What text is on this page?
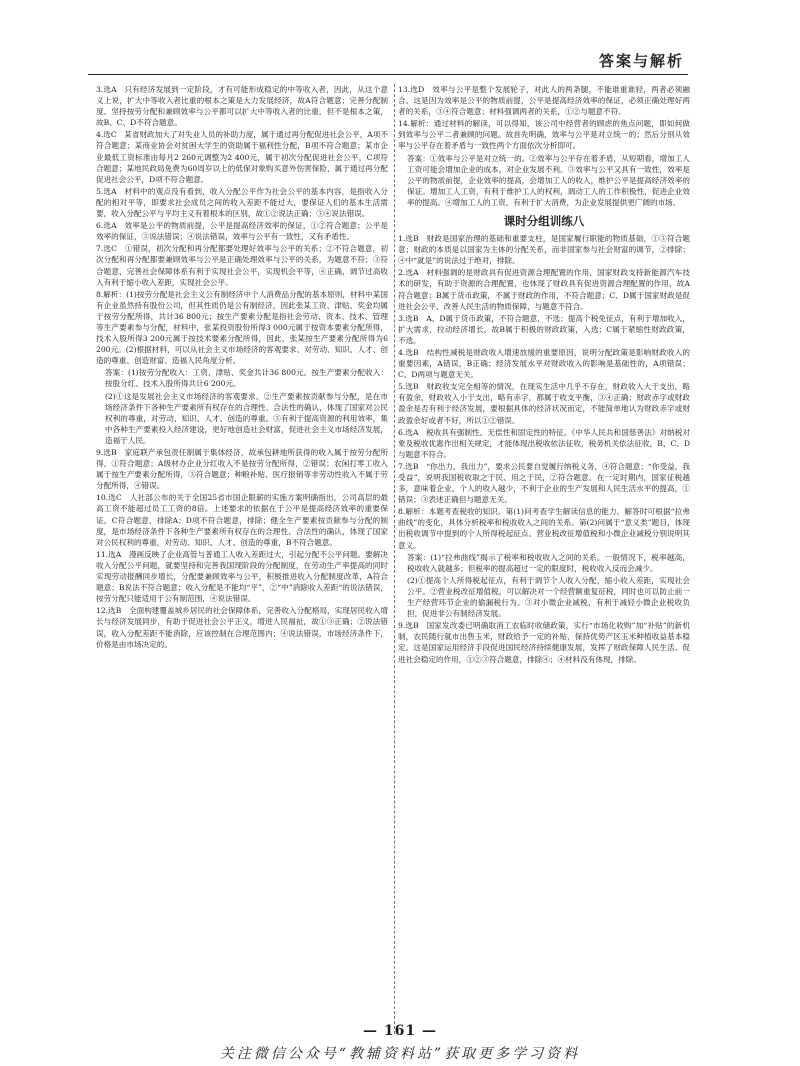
答案与解析

3.选A　只有经济发展到一定阶段，才有可能形成稳定的中等收入者，因此，从这个意义上说，扩大中等收入者比重的根本之策是大力发展经济，故A符合题意；完善分配制度、坚持按劳分配和兼顾效率与公平都可以扩大中等收入者的比重，但不是根本之策，故B、C、D不符合题意。

4.选C　某省财政加大了对失业人员的补助力度，属于通过再分配促进社会公平，A项不符合题意；某商业协会对贫困大学生的资助属于福利性分配，B项不符合题意；某市企业最低工资标准由每月2 260元调整为2 400元，属于初次分配促进社会公平，C项符合题意；某地民政局免费为60周岁以上的低保对象购买意外伤害保险，属于通过再分配促进社会公平，D项不符合题意。

5.选A　材料中的观点没有看到，收入分配公平作为社会公平的基本内容，是指收入分配的相对平等，即要求社会成员之间的收入差距不能过大，要保证人们的基本生活需要，收入分配公平与平均主义有着根本的区别，故①②说法正确；③④说法错误。

6.选A　效率是公平的物质前提，公平是提高经济效率的保证，①②符合题意；公平是效率的保证，③说法错误；④说法错误，效率与公平有一致性，又有矛盾性。

7.选C　①错误，初次分配和再分配都要处理好效率与公平的关系；②不符合题意，初次分配和再分配都要兼顾效率与公平是正确处理效率与公平的关系，为题意不符；③符合题意，完善社会保障体系有利于实现社会公平，实现机会平等，④正确，调节过高收入有利于缩小收入差距，实现社会公平。

8.解析：(1)按劳分配是社会主义公有制经济中个人消费品分配的基本原则，材料中某国有企业虽然持有股份公司，但其性质仍是公有制经济，因此张某工资、津贴、奖金均属于按劳分配所得，共计36 800元；按生产要素分配是指社会劳动、资本、技术、管理等生产要素参与分配，材料中，张某投资股份所得3 000元属于按资本要素分配所得，技术入股所得3 200元属于按技术要素分配所得，因此，张某按生产要素分配所得为6 200元。(2)根据材料，可以从社会主义市场经济的客观要求、对劳动、知识、人才、创造的尊重、创造财富、造福人民角度分析。

答案：(1)按劳分配收入：工资、津贴、奖金共计36 800元。按生产要素分配收入：按股分红、技术入股所得共计6 200元。

(2)①这是发展社会主义市场经济的客观要求。②生产要素按贡献参与分配，是在市场经济条件下各种生产要素所有权存在的合理性、合法性的确认，体现了国家对公民权利的尊重，对劳动、知识、人才、创造的尊重。③有利于提高资源的利用效率，集中各种生产要素投入经济建设，更好地创造社会财富，促进社会主义市场经济发展，造福于人民。

9.选B　家庭联产承包责任制属于集体经济，故承包耕地所获得的收入属于按劳分配所得，①符合题意；A级材办企业分红收入不是按劳分配所得，②错误；农闲打零工收入属于按生产要素分配所得，③符合题意；种粮补贴、医疗报销等非劳动性收入不属于劳分配所得，④错误。

10.选C　人社部公布的关于全国25省市国企限薪的实施方案明确指出，公司高层的最高工资不能超过员工工资的8倍。上述要求的依据在于公平是提高经济效率的重要保证，C符合题意，排除A；D项不符合题意，排除；健全生产要素按贡献参与分配的制度，是市场经济条件下各种生产要素所有权存在的合理性、合法性的确认，体现了国家对公民权利的尊重，对劳动、知识、人才、创造的尊重，B不符合题意。

11.选A　漫画反映了企业高管与普通工人收入差距过大，引起分配不公平问题。要解决收入分配公平问题，就要坚持和完善我国现阶段的分配制度，在劳动生产率提高的同时实现劳动报酬同步增长，分配要兼顾效率与公平，积极推进收入分配制度改革，A符合题意；B说法不符合题意；收入分配是不能均“平”，②“中”消除收入差距“的说法错误，按劳分配只能适用于公有制范围，④说法错误。

12.选B　全面构建覆盖城乡居民的社会保障体系，完善收入分配格局，实现居民收入增长与经济发展同步，有助于促进社会公平正义，增进人民福祉，故①③正确；②说法错误，收入分配差距不能消除，应该控制在合理范围内；④说法错误，市场经济条件下，价格是由市场决定的。

13.选D　效率与公平是整个发展轮子，对此人的两条腿，不能谁重谁轻，两者必须融合。这是因为效率是公平的物质前提，公平是提高经济效率的保证，必须正确处理好两者的关系，③④符合题意；材料强调两者的关系，①②与题意不符。

14.解析：通过材料的解读，可以得知，该公司中经营者的顾虑的焦点问题，即如何做到效率与公平二者兼顾的问题。故首先明确，效率与公平是对立统一的；然后分别从效率与公平存在着矛盾与一致性两个方面依次分析即可。

答案：①效率与公平是对立统一的。②效率与公平存在着矛盾，从短期看，增加工人工资可能会增加企业的成本，对企业发展不利。③效率与公平又具有一致性，效率是公平的物质前提，企业效率的提高，会增加工人的收入，维护公平是提高经济效率的保证。增加工人工资，有利于维护工人的权利，调动工人的工作积极性，促进企业效率的提高。④增加工人的工资，有利于扩大消费，为企业发展提供更广阔的市场。

课时分组训练八

1.选B　财政是国家治理的基础和重要支柱，是国家履行职能的物质基础，①③符合题意；财政的本质是以国家为主体的分配关系，而非国家参与社会财富的调节，②排除；④中“就是”的说法过于绝对，排除。

2.选A　材料强调的是财政具有促进资源合理配置的作用，国家财政支持新能源汽车技术的研发，有助于资源的合理配置，也体现了财政具有促进资源合理配置的作用，故A符合题意；B属于货币政策，不属于财政的作用，不符合题意；C、D属于国家财政是促进社会公平、改善人民生活的物质保障，与题意不符合。

3.选B　A、D属于货币政策，不符合题意，不选；提高个税免征点，有利于增加收入，扩大需求，拉动经济增长，故B属于积极的财政政策，入选；C属于紧缩性财政政策，不选。

4.选B　结构性减税是财政收入增速放缓的重要原因，说明分配政策是影响财政收入的重要因素，A错误，B正确；经济发展水平对财政收入的影响是基础性的，A项错误；C、D两项与题意无关。

5.选B　财政收支完全相等的情况，在现实生活中几乎不存在，财政收入大于支出，略有盈余，财政收入小于支出，略有赤字，都属于收支平衡，③④正确；财政赤字或财政盈余是否有利于经济发展，要根据具体的经济状况而定，不能简单地认为财政赤字或财政盈余好或者不好，所以①②错误。

6.选A　税收具有强制性、无偿性和固定性的特征。《中华人民共和国慈善法》对纳税对象及税收优惠作出相关规定，才能体现出税收依法征收，税务机关依法征收，B、C、D与题意不符合。

7.选B　“你出力，我出力”，要求公民要自觉履行纳税义务，④符合题意；“你受益，我受益”，说明我国税收取之于民、用之于民，②符合题意。在一定时期内，国家征税越多，意味着企业、个人的收入越少，不利于企业的生产发展和人民生活水平的提高，①错误；③表述正确但与题意无关。

8.解析：本题考查税收的知识。第(1)问考查学生解读信息的能力，解答时可根据“拉弗曲线”的变化，具体分析税率和税收收入之间的关系。第(2)问属于“意义类”题目，体现出税收调节中提到的个人所得税起征点、营业税改征增值税和小微企业减税分别说明其意义。

答案：(1)“拉弗曲线”揭示了税率和税收收入之间的关系。一般情况下，税率越高，税收收入就越多；但税率的提高超过一定的限度时，税收收入反而会减少。

(2)①提高个人所得税起征点，有利于调节个人收入分配，缩小收入差距，实现社会公平。②营业税改征增值税，可以解决对一个经营额重复征税，同时也可以防止前一生产经营环节企业的偷漏税行为。③对小微企业减税，有利于减轻小微企业税收负担，促进非公有制经济发展。

9.选B　国家发改委已明确取消工农临时收储政策，实行“市场化收购”加“补贴”的新机制，农民随行就市出售玉米，财政给予一定的补贴，保持优势产区玉米种植收益基本稳定。这是国家运用经济手段促进国民经济持续健康发展，发挥了财政保障人民生活、促进社会稳定的作用，①②③符合题意，排除④；④材料没有体现，排除。

— 161 —
关注微信公众号“教辅资料站”获取更多学习资料
